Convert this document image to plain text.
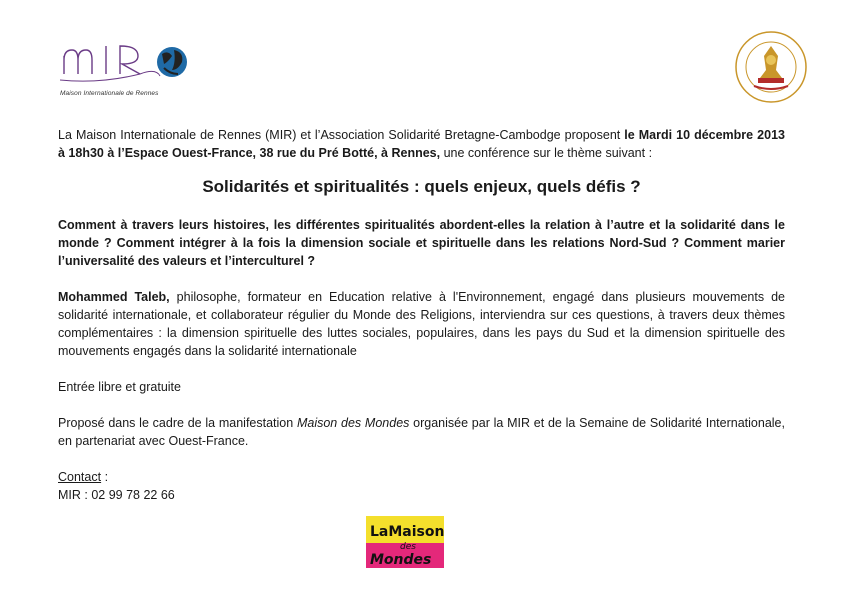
Maison Internationale de Rennes

La Maison Internationale de Rennes (MIR) et l’Association Solidarité Bretagne-Cambodge proposent le Mardi 10 décembre 2013 à 18h30 à l’Espace Ouest-France, 38 rue du Pré Botté, à Rennes, une conférence sur le thème suivant :

Solidarités et spiritualités : quels enjeux, quels défis ?

Comment à travers leurs histoires, les différentes spiritualités abordent-elles la relation à l’autre et la solidarité dans le monde ? Comment intégrer à la fois la dimension sociale et spirituelle dans les relations Nord-Sud ? Comment marier l’universalité des valeurs et l’interculturel ?

Mohammed Taleb, philosophe, formateur en Education relative à l'Environnement, engagé dans plusieurs mouvements de solidarité internationale, et collaborateur régulier du Monde des Religions, interviendra sur ces questions, à travers deux thèmes complémentaires : la dimension spirituelle des luttes sociales, populaires, dans les pays du Sud et la dimension spirituelle des mouvements engagés dans la solidarité internationale

Entrée libre et gratuite

Proposé dans le cadre de la manifestation Maison des Mondes organisée par la MIR et de la Semaine de Solidarité Internationale, en partenariat avec Ouest-France.

Contact :

MIR : 02 99 78 22 66

LaMaison
des
Mondes
